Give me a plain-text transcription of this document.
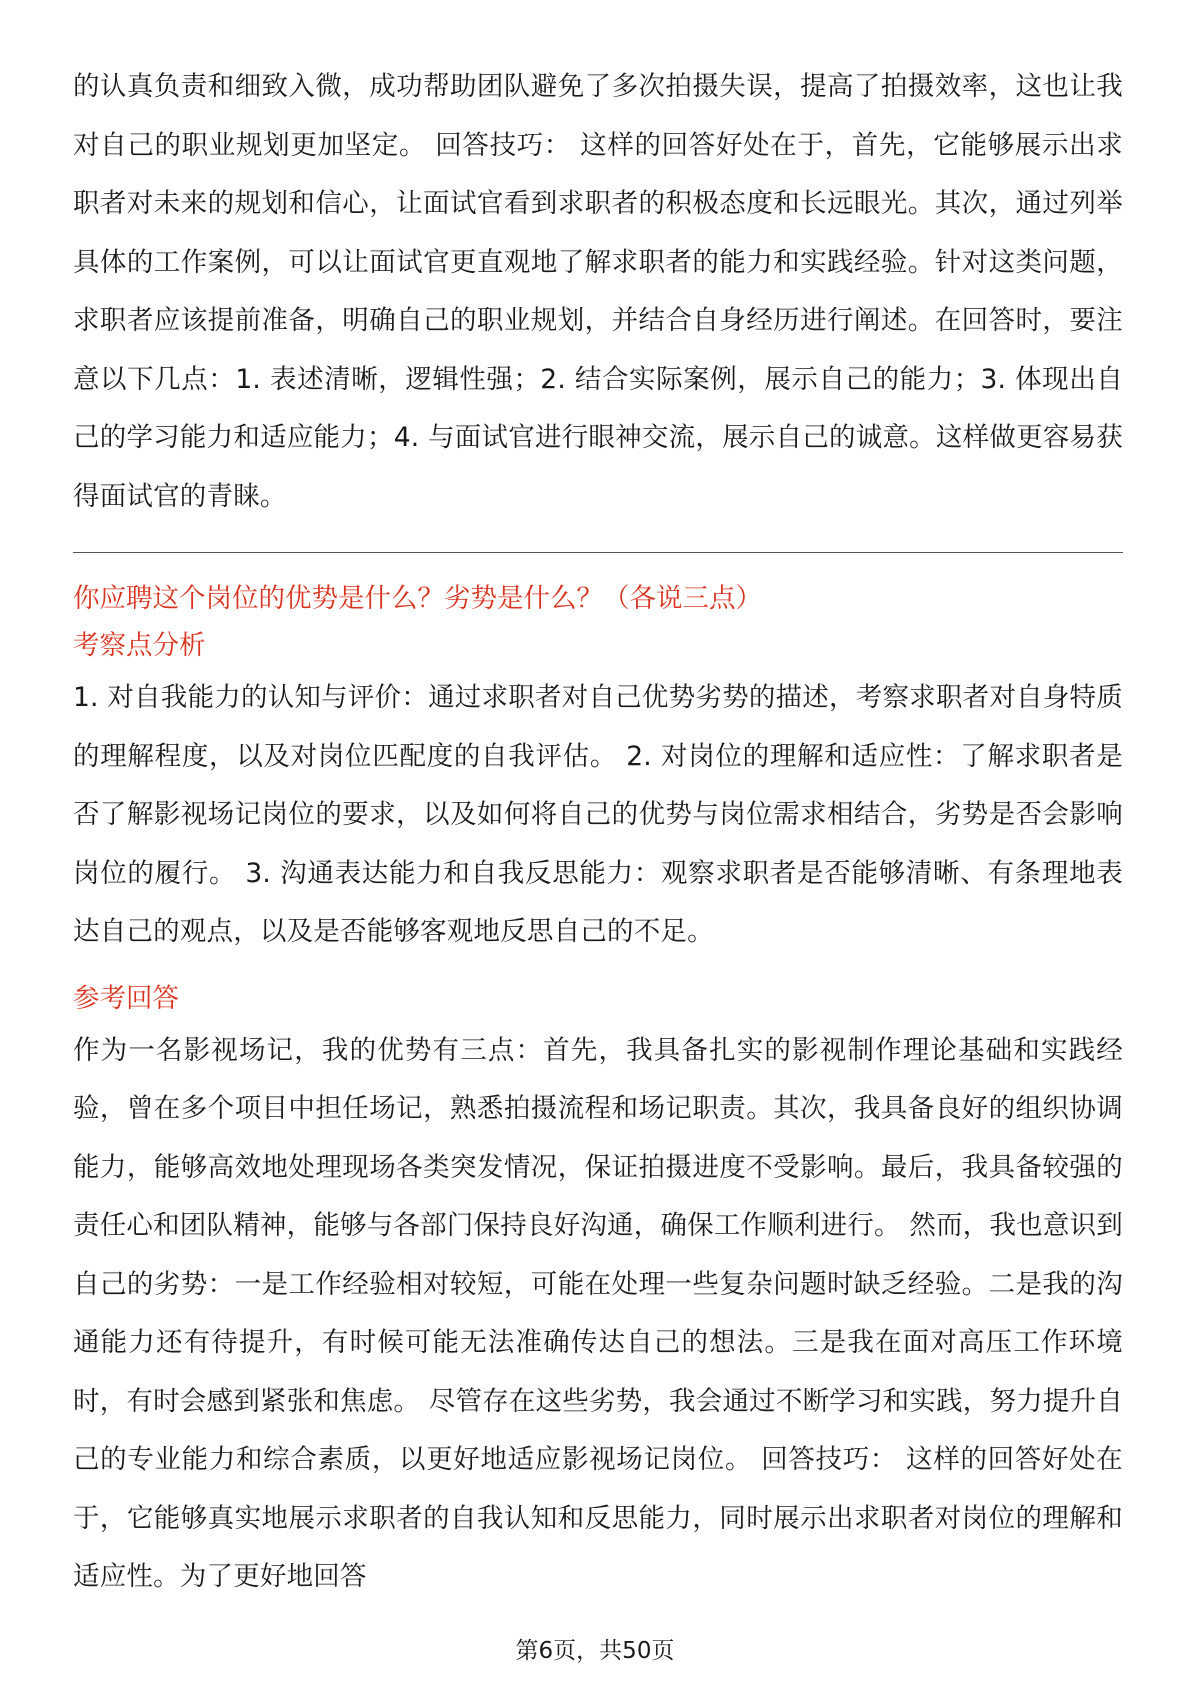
的认真负责和细致入微，成功帮助团队避免了多次拍摄失误，提高了拍摄效率，这也让我对自己的职业规划更加坚定。 回答技巧： 这样的回答好处在于，首先，它能够展示出求职者对未来的规划和信心，让面试官看到求职者的积极态度和长远眼光。其次，通过列举具体的工作案例，可以让面试官更直观地了解求职者的能力和实践经验。针对这类问题，求职者应该提前准备，明确自己的职业规划，并结合自身经历进行阐述。在回答时，要注意以下几点：1. 表述清晰，逻辑性强；2. 结合实际案例，展示自己的能力；3. 体现出自己的学习能力和适应能力；4. 与面试官进行眼神交流，展示自己的诚意。这样做更容易获得面试官的青睐。

你应聘这个岗位的优势是什么？劣势是什么？（各说三点）
考察点分析

1. 对自我能力的认知与评价：通过求职者对自己优势劣势的描述，考察求职者对自身特质的理解程度，以及对岗位匹配度的自我评估。 2. 对岗位的理解和适应性：了解求职者是否了解影视场记岗位的要求，以及如何将自己的优势与岗位需求相结合，劣势是否会影响岗位的履行。 3. 沟通表达能力和自我反思能力：观察求职者是否能够清晰、有条理地表达自己的观点，以及是否能够客观地反思自己的不足。

参考回答

作为一名影视场记，我的优势有三点：首先，我具备扎实的影视制作理论基础和实践经验，曾在多个项目中担任场记，熟悉拍摄流程和场记职责。其次，我具备良好的组织协调能力，能够高效地处理现场各类突发情况，保证拍摄进度不受影响。最后，我具备较强的责任心和团队精神，能够与各部门保持良好沟通，确保工作顺利进行。 然而，我也意识到自己的劣势：一是工作经验相对较短，可能在处理一些复杂问题时缺乏经验。二是我的沟通能力还有待提升，有时候可能无法准确传达自己的想法。三是我在面对高压工作环境时，有时会感到紧张和焦虑。 尽管存在这些劣势，我会通过不断学习和实践，努力提升自己的专业能力和综合素质，以更好地适应影视场记岗位。 回答技巧： 这样的回答好处在于，它能够真实地展示求职者的自我认知和反思能力，同时展示出求职者对岗位的理解和适应性。为了更好地回答

第6页，共50页
